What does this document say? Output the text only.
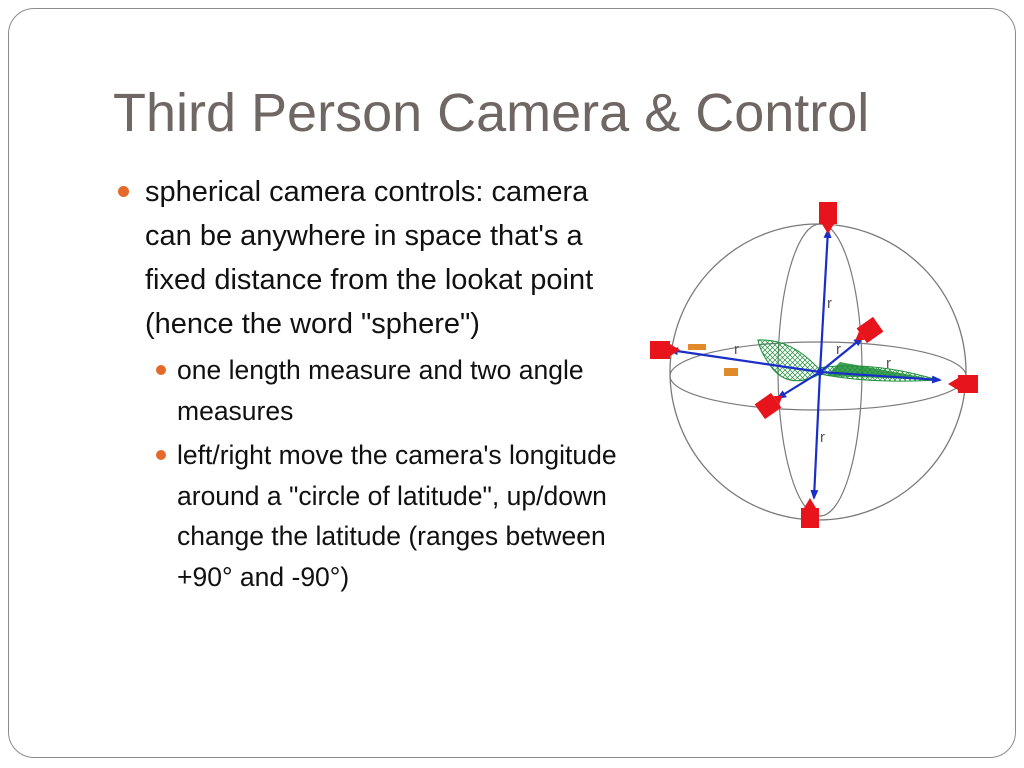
Third Person Camera & Control
spherical camera controls: camera can be anywhere in space that's a fixed distance from the lookat point (hence the word "sphere")
one length measure and two angle measures
left/right move the camera's longitude around a "circle of latitude", up/down change the latitude (ranges between +90° and -90°)
r
r
r
r
r
